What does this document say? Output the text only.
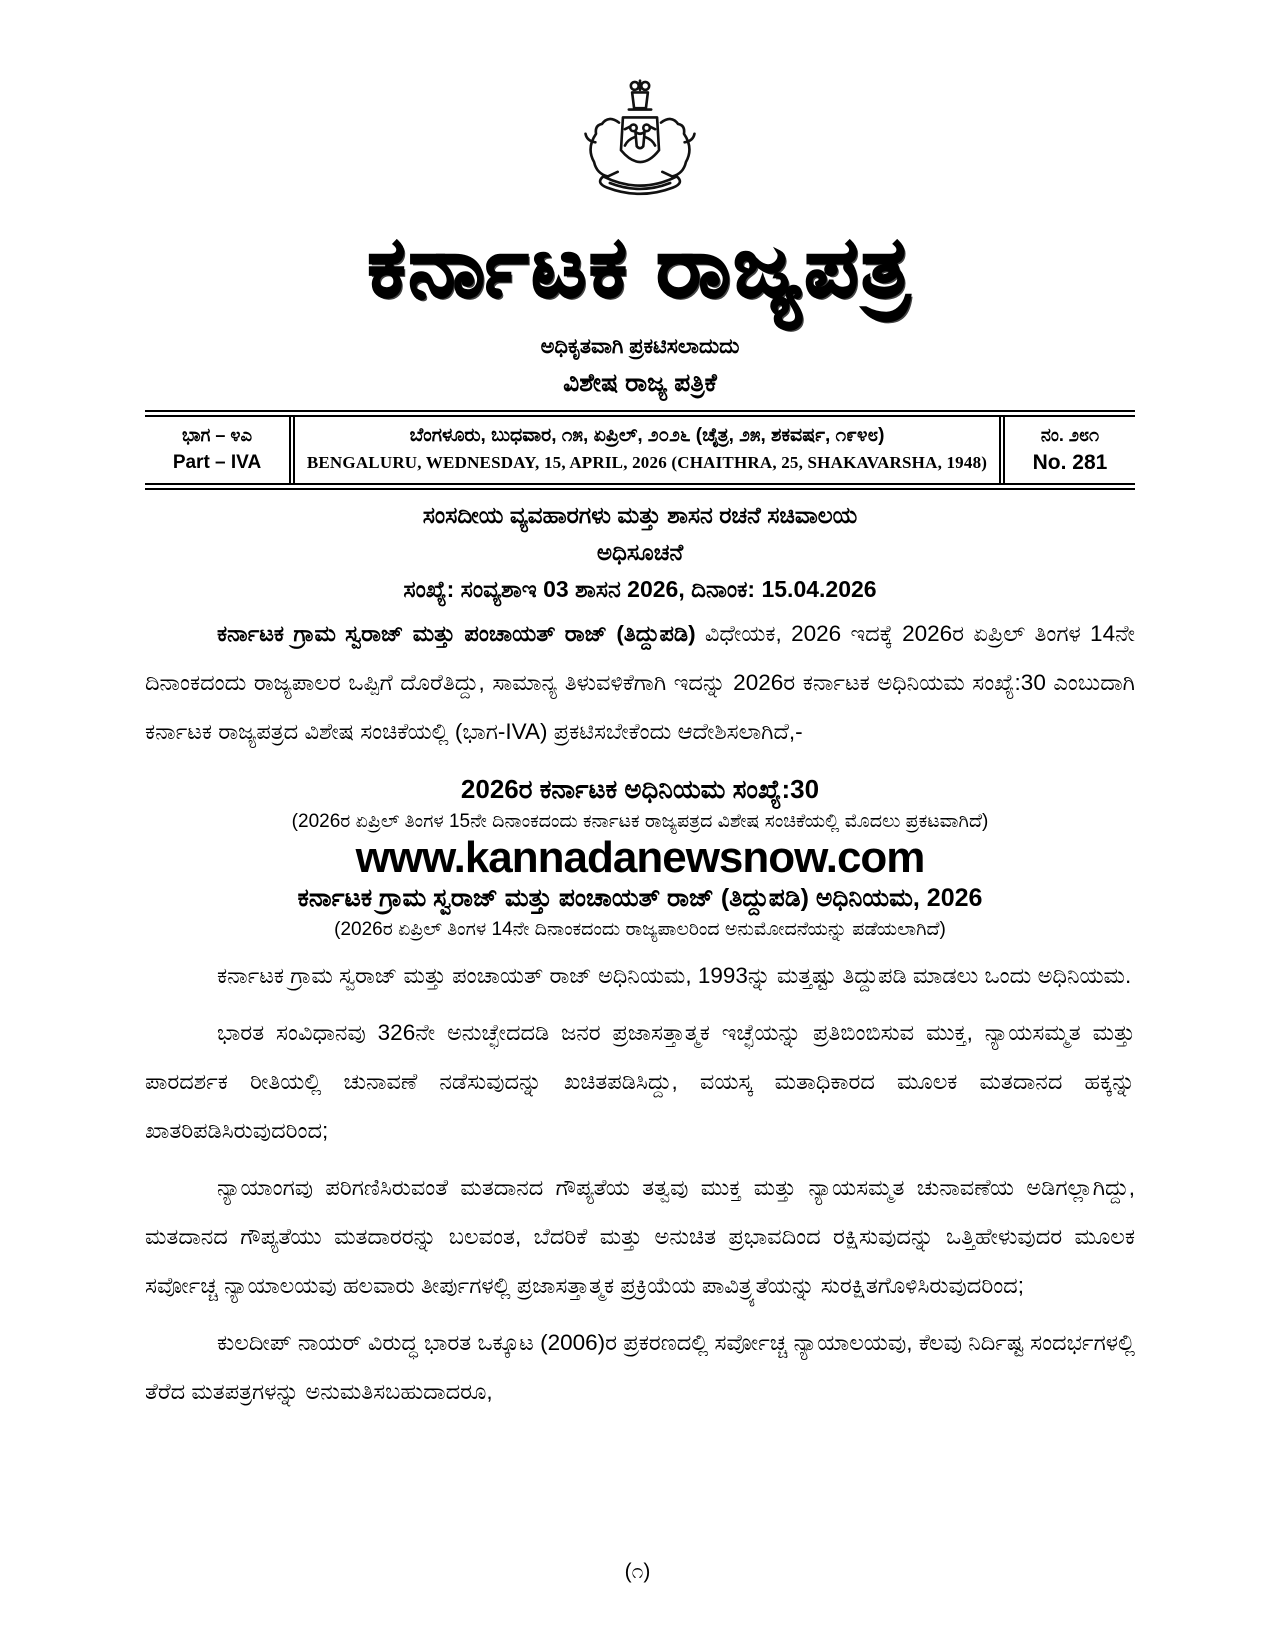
ಕರ್ನಾಟಕ ರಾಜ್ಯಪತ್ರ
ಅಧಿಕೃತವಾಗಿ ಪ್ರಕಟಿಸಲಾದುದು
ವಿಶೇಷ ರಾಜ್ಯ ಪತ್ರಿಕೆ
ಭಾಗ – ೪ಎ
Part – IVA
ಬೆಂಗಳೂರು, ಬುಧವಾರ, ೧೫, ಏಪ್ರಿಲ್, ೨೦೨೬ (ಚೈತ್ರ, ೨೫, ಶಕವರ್ಷ, ೧೯೪೮)
BENGALURU, WEDNESDAY, 15, APRIL, 2026 (CHAITHRA, 25, SHAKAVARSHA, 1948)
ನಂ. ೨೮೧
No. 281
ಸಂಸದೀಯ ವ್ಯವಹಾರಗಳು ಮತ್ತು ಶಾಸನ ರಚನೆ ಸಚಿವಾಲಯ
ಅಧಿಸೂಚನೆ
ಸಂಖ್ಯೆ: ಸಂವ್ಯಶಾಇ 03 ಶಾಸನ 2026, ದಿನಾಂಕ: 15.04.2026

ಕರ್ನಾಟಕ ಗ್ರಾಮ ಸ್ವರಾಜ್ ಮತ್ತು ಪಂಚಾಯತ್ ರಾಜ್ (ತಿದ್ದುಪಡಿ) ವಿಧೇಯಕ, 2026 ಇದಕ್ಕೆ 2026ರ ಏಪ್ರಿಲ್ ತಿಂಗಳ 14ನೇ ದಿನಾಂಕದಂದು ರಾಜ್ಯಪಾಲರ ಒಪ್ಪಿಗೆ ದೊರೆತಿದ್ದು, ಸಾಮಾನ್ಯ ತಿಳುವಳಿಕೆಗಾಗಿ ಇದನ್ನು 2026ರ ಕರ್ನಾಟಕ ಅಧಿನಿಯಮ ಸಂಖ್ಯೆ:30 ಎಂಬುದಾಗಿ ಕರ್ನಾಟಕ ರಾಜ್ಯಪತ್ರದ ವಿಶೇಷ ಸಂಚಿಕೆಯಲ್ಲಿ (ಭಾಗ-IVA) ಪ್ರಕಟಿಸಬೇಕೆಂದು ಆದೇಶಿಸಲಾಗಿದೆ,-

2026ರ ಕರ್ನಾಟಕ ಅಧಿನಿಯಮ ಸಂಖ್ಯೆ:30
(2026ರ ಏಪ್ರಿಲ್ ತಿಂಗಳ 15ನೇ ದಿನಾಂಕದಂದು ಕರ್ನಾಟಕ ರಾಜ್ಯಪತ್ರದ ವಿಶೇಷ ಸಂಚಿಕೆಯಲ್ಲಿ ಮೊದಲು ಪ್ರಕಟವಾಗಿದೆ)
www.kannadanewsnow.com
ಕರ್ನಾಟಕ ಗ್ರಾಮ ಸ್ವರಾಜ್ ಮತ್ತು ಪಂಚಾಯತ್ ರಾಜ್ (ತಿದ್ದುಪಡಿ) ಅಧಿನಿಯಮ, 2026
(2026ರ ಏಪ್ರಿಲ್ ತಿಂಗಳ 14ನೇ ದಿನಾಂಕದಂದು ರಾಜ್ಯಪಾಲರಿಂದ ಅನುಮೋದನೆಯನ್ನು ಪಡೆಯಲಾಗಿದೆ)

ಕರ್ನಾಟಕ ಗ್ರಾಮ ಸ್ವರಾಜ್ ಮತ್ತು ಪಂಚಾಯತ್ ರಾಜ್ ಅಧಿನಿಯಮ, 1993ನ್ನು ಮತ್ತಷ್ಟು ತಿದ್ದುಪಡಿ ಮಾಡಲು ಒಂದು ಅಧಿನಿಯಮ.

ಭಾರತ ಸಂವಿಧಾನವು 326ನೇ ಅನುಚ್ಛೇದದಡಿ ಜನರ ಪ್ರಜಾಸತ್ತಾತ್ಮಕ ಇಚ್ಛೆಯನ್ನು ಪ್ರತಿಬಿಂಬಿಸುವ ಮುಕ್ತ, ನ್ಯಾಯಸಮ್ಮತ ಮತ್ತು ಪಾರದರ್ಶಕ ರೀತಿಯಲ್ಲಿ ಚುನಾವಣೆ ನಡೆಸುವುದನ್ನು ಖಚಿತಪಡಿಸಿದ್ದು, ವಯಸ್ಕ ಮತಾಧಿಕಾರದ ಮೂಲಕ ಮತದಾನದ ಹಕ್ಕನ್ನು ಖಾತರಿಪಡಿಸಿರುವುದರಿಂದ;

ನ್ಯಾಯಾಂಗವು ಪರಿಗಣಿಸಿರುವಂತೆ ಮತದಾನದ ಗೌಪ್ಯತೆಯ ತತ್ವವು ಮುಕ್ತ ಮತ್ತು ನ್ಯಾಯಸಮ್ಮತ ಚುನಾವಣೆಯ ಅಡಿಗಲ್ಲಾಗಿದ್ದು, ಮತದಾನದ ಗೌಪ್ಯತೆಯು ಮತದಾರರನ್ನು ಬಲವಂತ, ಬೆದರಿಕೆ ಮತ್ತು ಅನುಚಿತ ಪ್ರಭಾವದಿಂದ ರಕ್ಷಿಸುವುದನ್ನು ಒತ್ತಿಹೇಳುವುದರ ಮೂಲಕ ಸರ್ವೋಚ್ಚ ನ್ಯಾಯಾಲಯವು ಹಲವಾರು ತೀರ್ಪುಗಳಲ್ಲಿ ಪ್ರಜಾಸತ್ತಾತ್ಮಕ ಪ್ರಕ್ರಿಯೆಯ ಪಾವಿತ್ರ್ಯತೆಯನ್ನು ಸುರಕ್ಷಿತಗೊಳಿಸಿರುವುದರಿಂದ;

ಕುಲದೀಪ್ ನಾಯರ್ ವಿರುದ್ಧ ಭಾರತ ಒಕ್ಕೂಟ (2006)ರ ಪ್ರಕರಣದಲ್ಲಿ ಸರ್ವೋಚ್ಚ ನ್ಯಾಯಾಲಯವು, ಕೆಲವು ನಿರ್ದಿಷ್ಟ ಸಂದರ್ಭಗಳಲ್ಲಿ ತೆರೆದ ಮತಪತ್ರಗಳನ್ನು ಅನುಮತಿಸಬಹುದಾದರೂ,

(೧)
